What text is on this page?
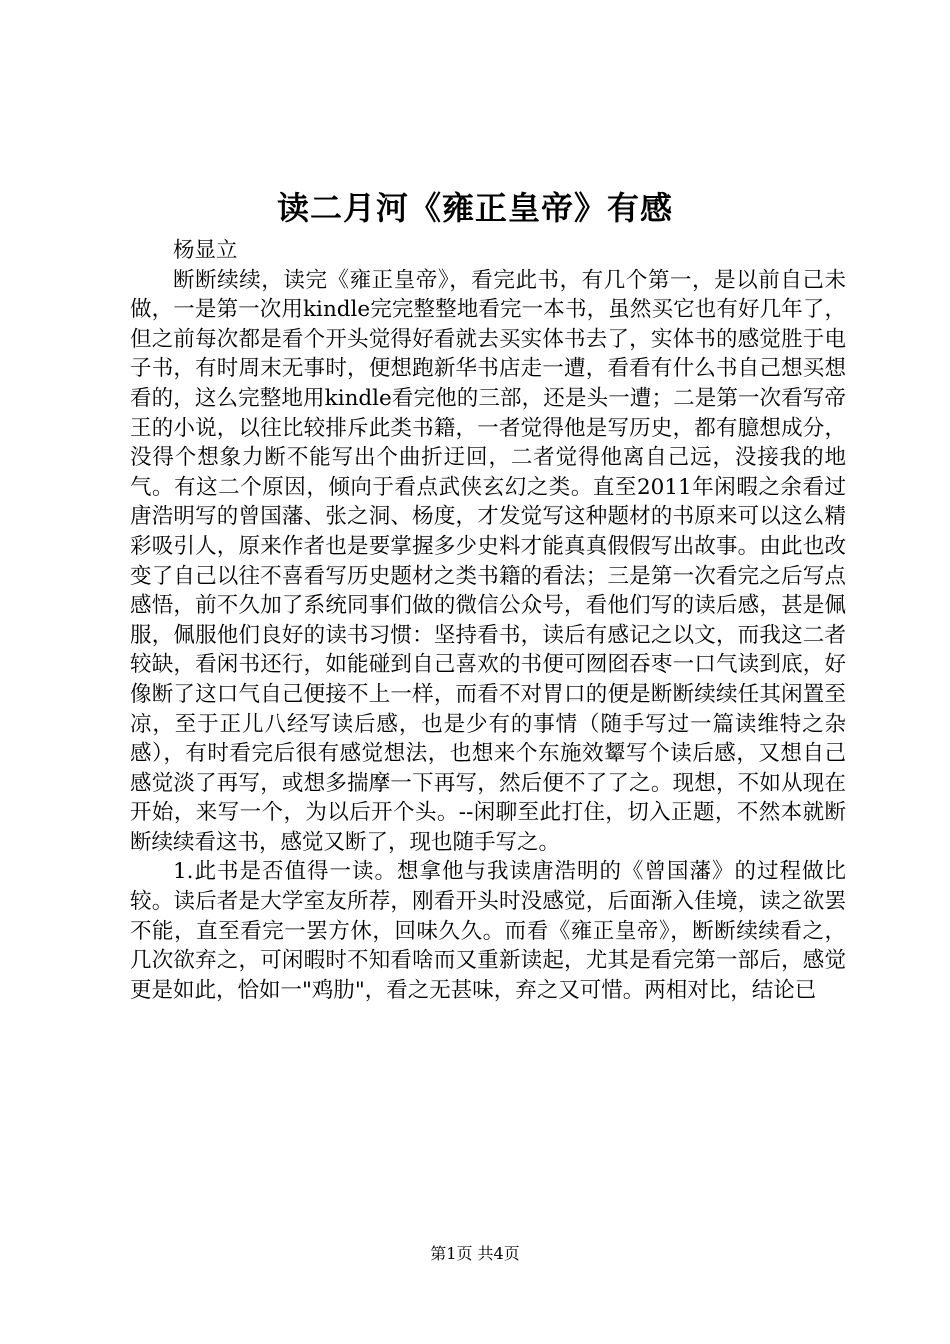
读二月河《雍正皇帝》有感
杨显立

断断续续，读完《雍正皇帝》，看完此书，有几个第一，是以前自己未做，一是第一次用kindle完完整整地看完一本书，虽然买它也有好几年了，但之前每次都是看个开头觉得好看就去买实体书去了，实体书的感觉胜于电子书，有时周末无事时，便想跑新华书店走一遭，看看有什么书自己想买想看的，这么完整地用kindle看完他的三部，还是头一遭；二是第一次看写帝王的小说，以往比较排斥此类书籍，一者觉得他是写历史，都有臆想成分，没得个想象力断不能写出个曲折迂回，二者觉得他离自己远，没接我的地气。有这二个原因，倾向于看点武侠玄幻之类。直至2011年闲暇之余看过唐浩明写的曾国藩、张之洞、杨度，才发觉写这种题材的书原来可以这么精彩吸引人，原来作者也是要掌握多少史料才能真真假假写出故事。由此也改变了自己以往不喜看写历史题材之类书籍的看法；三是第一次看完之后写点感悟，前不久加了系统同事们做的微信公众号，看他们写的读后感，甚是佩服，佩服他们良好的读书习惯：坚持看书，读后有感记之以文，而我这二者较缺，看闲书还行，如能碰到自己喜欢的书便可囫囵吞枣一口气读到底，好像断了这口气自己便接不上一样，而看不对胃口的便是断断续续任其闲置至凉，至于正儿八经写读后感，也是少有的事情（随手写过一篇读维特之杂感），有时看完后很有感觉想法，也想来个东施效颦写个读后感，又想自己感觉淡了再写，或想多揣摩一下再写，然后便不了了之。现想，不如从现在开始，来写一个，为以后开个头。--闲聊至此打住，切入正题，不然本就断断续续看这书，感觉又断了，现也随手写之。

1.此书是否值得一读。想拿他与我读唐浩明的《曾国藩》的过程做比较。读后者是大学室友所荐，刚看开头时没感觉，后面渐入佳境，读之欲罢不能，直至看完一罢方休，回味久久。而看《雍正皇帝》，断断续续看之，几次欲弃之，可闲暇时不知看啥而又重新读起，尤其是看完第一部后，感觉更是如此，恰如一"鸡肋"，看之无甚味，弃之又可惜。两相对比，结论已

第1页 共4页
